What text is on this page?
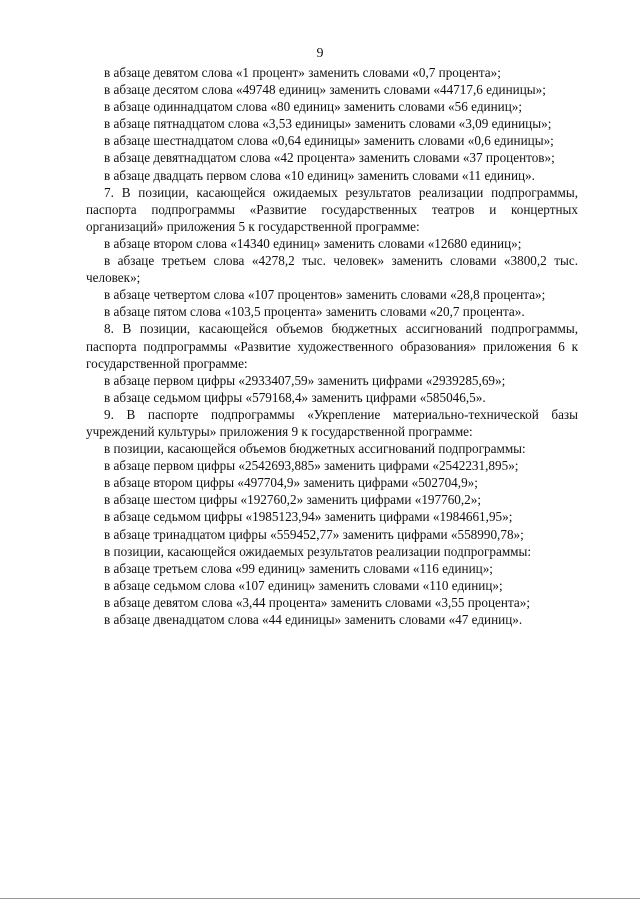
9

в абзаце девятом слова «1 процент» заменить словами «0,7 процента»;

в абзаце десятом слова «49748 единиц» заменить словами «44717,6 единицы»;

в абзаце одиннадцатом слова «80 единиц» заменить словами «56 единиц»;

в абзаце пятнадцатом слова «3,53 единицы» заменить словами «3,09 единицы»;

в абзаце шестнадцатом слова «0,64 единицы» заменить словами «0,6 единицы»;

в абзаце девятнадцатом слова «42 процента» заменить словами «37 процентов»;

в абзаце двадцать первом слова «10 единиц» заменить словами «11 единиц».

7. В позиции, касающейся ожидаемых результатов реализации подпрограммы, паспорта подпрограммы «Развитие государственных театров и концертных организаций» приложения 5 к государственной программе:

в абзаце втором слова «14340 единиц» заменить словами «12680 единиц»;

в абзаце третьем слова «4278,2 тыс. человек» заменить словами «3800,2 тыс. человек»;

в абзаце четвертом слова «107 процентов» заменить словами «28,8 процента»;

в абзаце пятом слова «103,5 процента» заменить словами «20,7 процента».

8. В позиции, касающейся объемов бюджетных ассигнований подпрограммы, паспорта подпрограммы «Развитие художественного образования» приложения 6 к государственной программе:

в абзаце первом цифры «2933407,59» заменить цифрами «2939285,69»;

в абзаце седьмом цифры «579168,4» заменить цифрами «585046,5».

9. В паспорте подпрограммы «Укрепление материально-технической базы учреждений культуры» приложения 9 к государственной программе:

в позиции, касающейся объемов бюджетных ассигнований подпрограммы:

в абзаце первом цифры «2542693,885» заменить цифрами «2542231,895»;

в абзаце втором цифры «497704,9» заменить цифрами «502704,9»;

в абзаце шестом цифры «192760,2» заменить цифрами «197760,2»;

в абзаце седьмом цифры «1985123,94» заменить цифрами «1984661,95»;

в абзаце тринадцатом цифры «559452,77» заменить цифрами «558990,78»;

в позиции, касающейся ожидаемых результатов реализации подпрограммы:

в абзаце третьем слова «99 единиц» заменить словами «116 единиц»;

в абзаце седьмом слова «107 единиц» заменить словами «110 единиц»;

в абзаце девятом слова «3,44 процента» заменить словами «3,55 процента»;

в абзаце двенадцатом слова «44 единицы» заменить словами «47 единиц».
